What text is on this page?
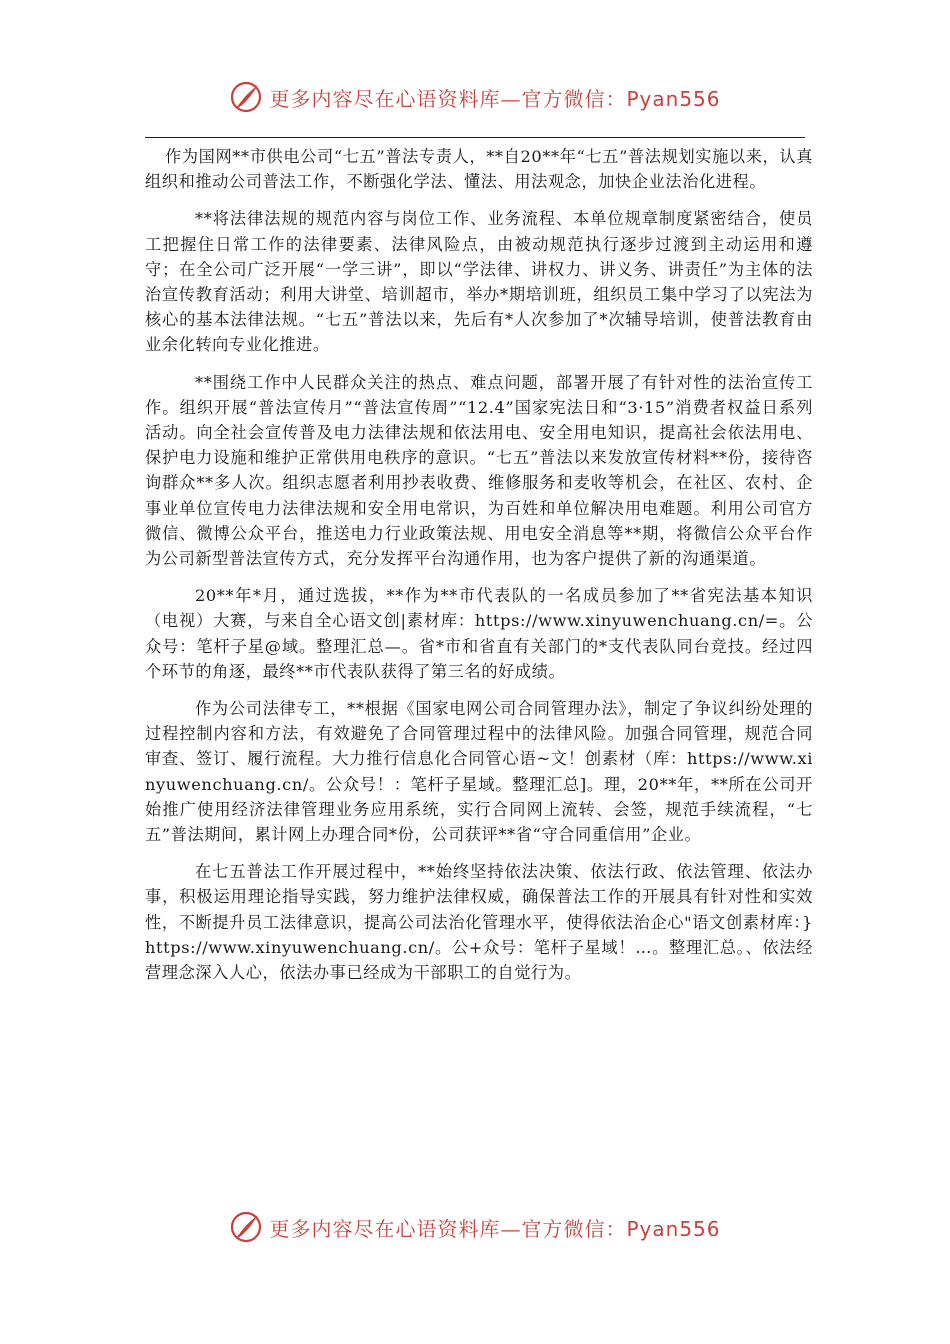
更多内容尽在心语资料库—官方微信：Pyan556

作为国网**市供电公司“七五”普法专责人，**自20**年“七五”普法规划实施以来，认真组织和推动公司普法工作，不断强化学法、懂法、用法观念，加快企业法治化进程。

**将法律法规的规范内容与岗位工作、业务流程、本单位规章制度紧密结合，使员工把握住日常工作的法律要素、法律风险点，由被动规范执行逐步过渡到主动运用和遵守；在全公司广泛开展“一学三讲”，即以“学法律、讲权力、讲义务、讲责任”为主体的法治宣传教育活动；利用大讲堂、培训超市，举办*期培训班，组织员工集中学习了以宪法为核心的基本法律法规。“七五”普法以来，先后有*人次参加了*次辅导培训，使普法教育由业余化转向专业化推进。

**围绕工作中人民群众关注的热点、难点问题，部署开展了有针对性的法治宣传工作。组织开展“普法宣传月”“普法宣传周”“12.4”国家宪法日和“3·15”消费者权益日系列活动。向全社会宣传普及电力法律法规和依法用电、安全用电知识，提高社会依法用电、保护电力设施和维护正常供用电秩序的意识。“七五”普法以来发放宣传材料**份，接待咨询群众**多人次。组织志愿者利用抄表收费、维修服务和麦收等机会，在社区、农村、企事业单位宣传电力法律法规和安全用电常识，为百姓和单位解决用电难题。利用公司官方微信、微博公众平台，推送电力行业政策法规、用电安全消息等**期，将微信公众平台作为公司新型普法宣传方式，充分发挥平台沟通作用，也为客户提供了新的沟通渠道。

20**年*月，通过选拔，**作为**市代表队的一名成员参加了**省宪法基本知识（电视）大赛，与来自全心语文创|素材库：https://www.xinyuwenchuang.cn/=。公众号：笔杆子星@域。整理汇总—。省*市和省直有关部门的*支代表队同台竞技。经过四个环节的角逐，最终**市代表队获得了第三名的好成绩。

作为公司法律专工，**根据《国家电网公司合同管理办法》，制定了争议纠纷处理的过程控制内容和方法，有效避免了合同管理过程中的法律风险。加强合同管理，规范合同审查、签订、履行流程。大力推行信息化合同管心语~文！创素材（库：https://www.xinyuwenchuang.cn/。公众号！：笔杆子星域。整理汇总]。理，20**年，**所在公司开始推广使用经济法律管理业务应用系统，实行合同网上流转、会签，规范手续流程，“七五”普法期间，累计网上办理合同*份，公司获评**省“守合同重信用”企业。

在七五普法工作开展过程中，**始终坚持依法决策、依法行政、依法管理、依法办事，积极运用理论指导实践，努力维护法律权威，确保普法工作的开展具有针对性和实效性，不断提升员工法律意识，提高公司法治化管理水平，使得依法治企心"语文创素材库：}https://www.xinyuwenchuang.cn/。公+众号：笔杆子星域！…。整理汇总。、依法经营理念深入人心，依法办事已经成为干部职工的自觉行为。

更多内容尽在心语资料库—官方微信：Pyan556
